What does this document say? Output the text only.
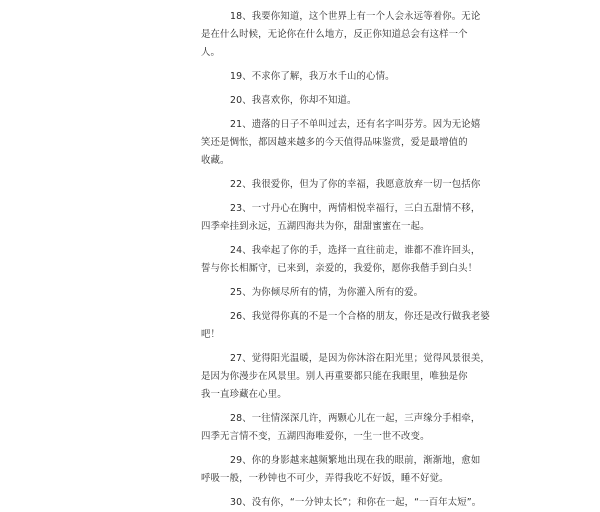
18、我要你知道，这个世界上有一个人会永远等着你。无论
是在什么时候，无论你在什么地方，反正你知道总会有这样一个
人。
19、不求你了解，我万水千山的心情。
20、我喜欢你，你却不知道。
21、遗落的日子不单叫过去，还有名字叫芬芳。因为无论嬉
笑还是惆怅，都因越来越多的今天值得品味鉴赏，爱是最增值的
收藏。
22、我很爱你，但为了你的幸福，我愿意放弃一切一包括你
23、一寸丹心在胸中，两情相悦幸福行，三白五甜情不移，
四季牵挂到永远，五湖四海共为你，甜甜蜜蜜在一起。
24、我牵起了你的手，选择一直往前走，谁都不准许回头，
誓与你长相厮守，已来到，亲爱的，我爱你，愿你我偕手到白头！
25、为你倾尽所有的情，为你灌入所有的爱。
26、我觉得你真的不是一个合格的朋友，你还是改行做我老婆
吧！
27、觉得阳光温暖，是因为你沐浴在阳光里；觉得风景很美，
是因为你漫步在风景里。别人再重要都只能在我眼里，唯独是你
我一直珍藏在心里。
28、一往情深深几许，两颗心儿在一起，三声缘分手相牵，
四季无言情不变，五湖四海唯爱你，一生一世不改变。
29、你的身影越来越频繁地出现在我的眼前，渐渐地，愈如
呼吸一般，一秒钟也不可少，弄得我吃不好饭，睡不好觉。
30、没有你，“一分钟太长”；和你在一起，“一百年太短”。
